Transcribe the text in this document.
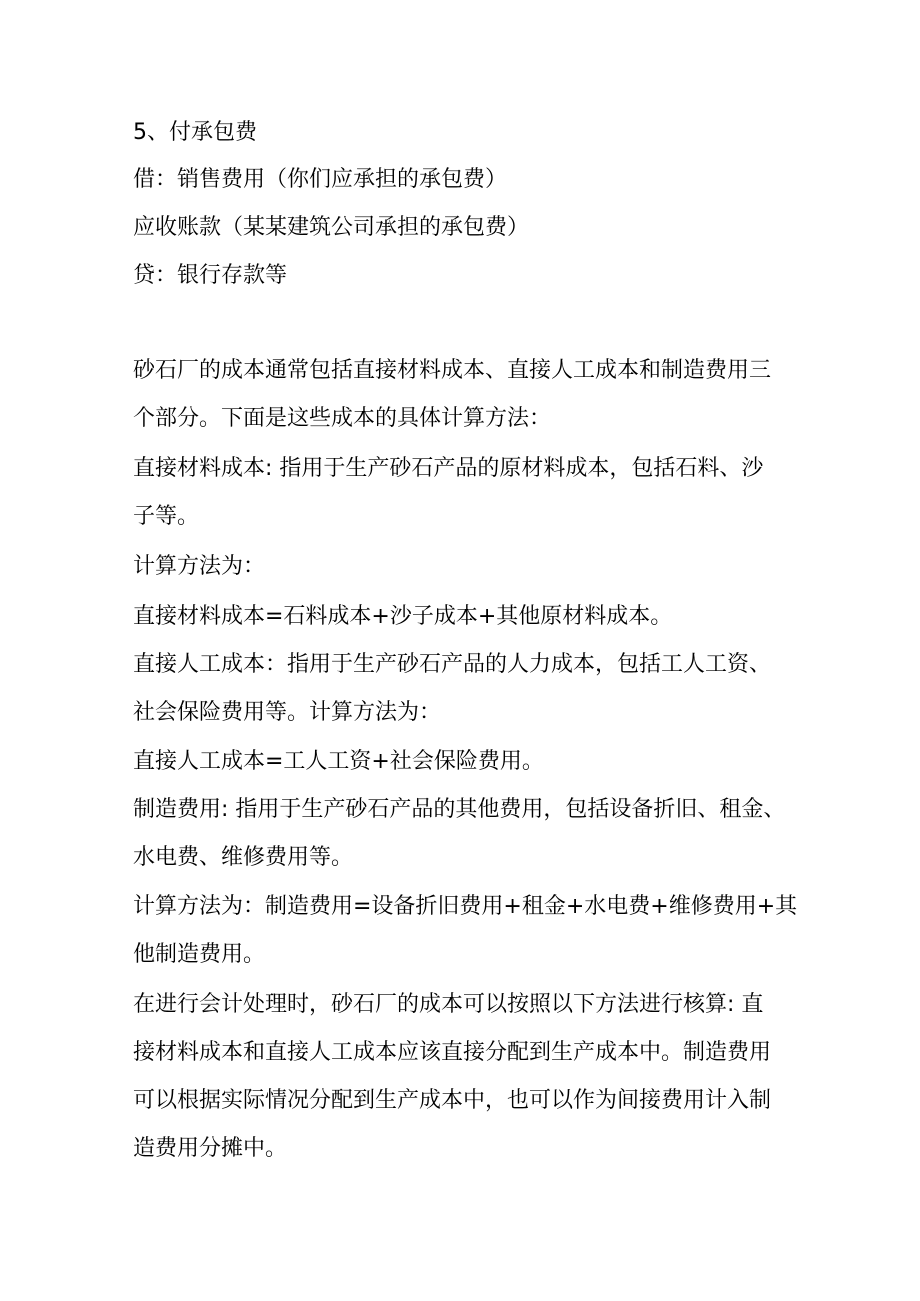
5、付承包费
借：销售费用（你们应承担的承包费）
应收账款（某某建筑公司承担的承包费）
贷：银行存款等
砂石厂的成本通常包括直接材料成本、直接人工成本和制造费用三
个部分。下面是这些成本的具体计算方法：
直接材料成本: 指用于生产砂石产品的原材料成本，包括石料、沙
子等。
计算方法为：
直接材料成本=石料成本+沙子成本+其他原材料成本。
直接人工成本：指用于生产砂石产品的人力成本，包括工人工资、
社会保险费用等。计算方法为：
直接人工成本=工人工资+社会保险费用。
制造费用: 指用于生产砂石产品的其他费用，包括设备折旧、租金、
水电费、维修费用等。
计算方法为：制造费用=设备折旧费用+租金+水电费+维修费用+其
他制造费用。
在进行会计处理时，砂石厂的成本可以按照以下方法进行核算: 直
接材料成本和直接人工成本应该直接分配到生产成本中。制造费用
可以根据实际情况分配到生产成本中，也可以作为间接费用计入制
造费用分摊中。
